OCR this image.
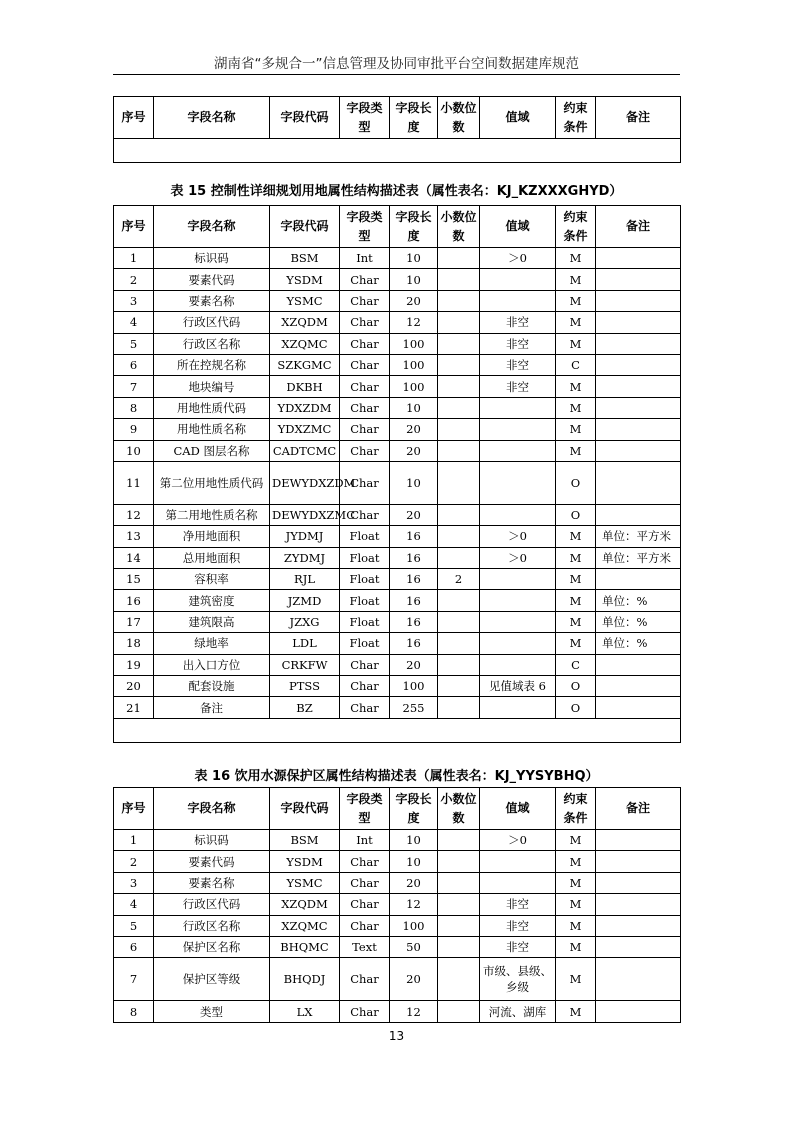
湖南省“多规合一”信息管理及协同审批平台空间数据建库规范
序号	字段名称	字段代码	字段类型	字段长度	小数位数	值域	约束条件	备注

表 15 控制性详细规划用地属性结构描述表（属性表名：KJ_KZXXXGHYD）
序号	字段名称	字段代码	字段类型	字段长度	小数位数	值域	约束条件	备注
1	标识码	BSM	Int	10		＞0	M	
2	要素代码	YSDM	Char	10			M	
3	要素名称	YSMC	Char	20			M	
4	行政区代码	XZQDM	Char	12		非空	M	
5	行政区名称	XZQMC	Char	100		非空	M	
6	所在控规名称	SZKGMC	Char	100		非空	C	
7	地块编号	DKBH	Char	100		非空	M	
8	用地性质代码	YDXZDM	Char	10			M	
9	用地性质名称	YDXZMC	Char	20			M	
10	CAD 图层名称	CADTCMC	Char	20			M	
11	第二位用地性质代码	DEWYDXZDM	Char	10			O	
12	第二用地性质名称	DEWYDXZMC	Char	20			O	
13	净用地面积	JYDMJ	Float	16		＞0	M	单位：平方米
14	总用地面积	ZYDMJ	Float	16		＞0	M	单位：平方米
15	容积率	RJL	Float	16	2		M	
16	建筑密度	JZMD	Float	16			M	单位：%
17	建筑限高	JZXG	Float	16			M	单位：%
18	绿地率	LDL	Float	16			M	单位：%
19	出入口方位	CRKFW	Char	20			C	
20	配套设施	PTSS	Char	100		见值域表 6	O	
21	备注	BZ	Char	255			O	

表 16 饮用水源保护区属性结构描述表（属性表名：KJ_YYSYBHQ）
序号	字段名称	字段代码	字段类型	字段长度	小数位数	值域	约束条件	备注
1	标识码	BSM	Int	10		＞0	M	
2	要素代码	YSDM	Char	10			M	
3	要素名称	YSMC	Char	20			M	
4	行政区代码	XZQDM	Char	12		非空	M	
5	行政区名称	XZQMC	Char	100		非空	M	
6	保护区名称	BHQMC	Text	50		非空	M	
7	保护区等级	BHQDJ	Char	20		市级、县级、乡级	M	
8	类型	LX	Char	12		河流、湖库	M	
13
